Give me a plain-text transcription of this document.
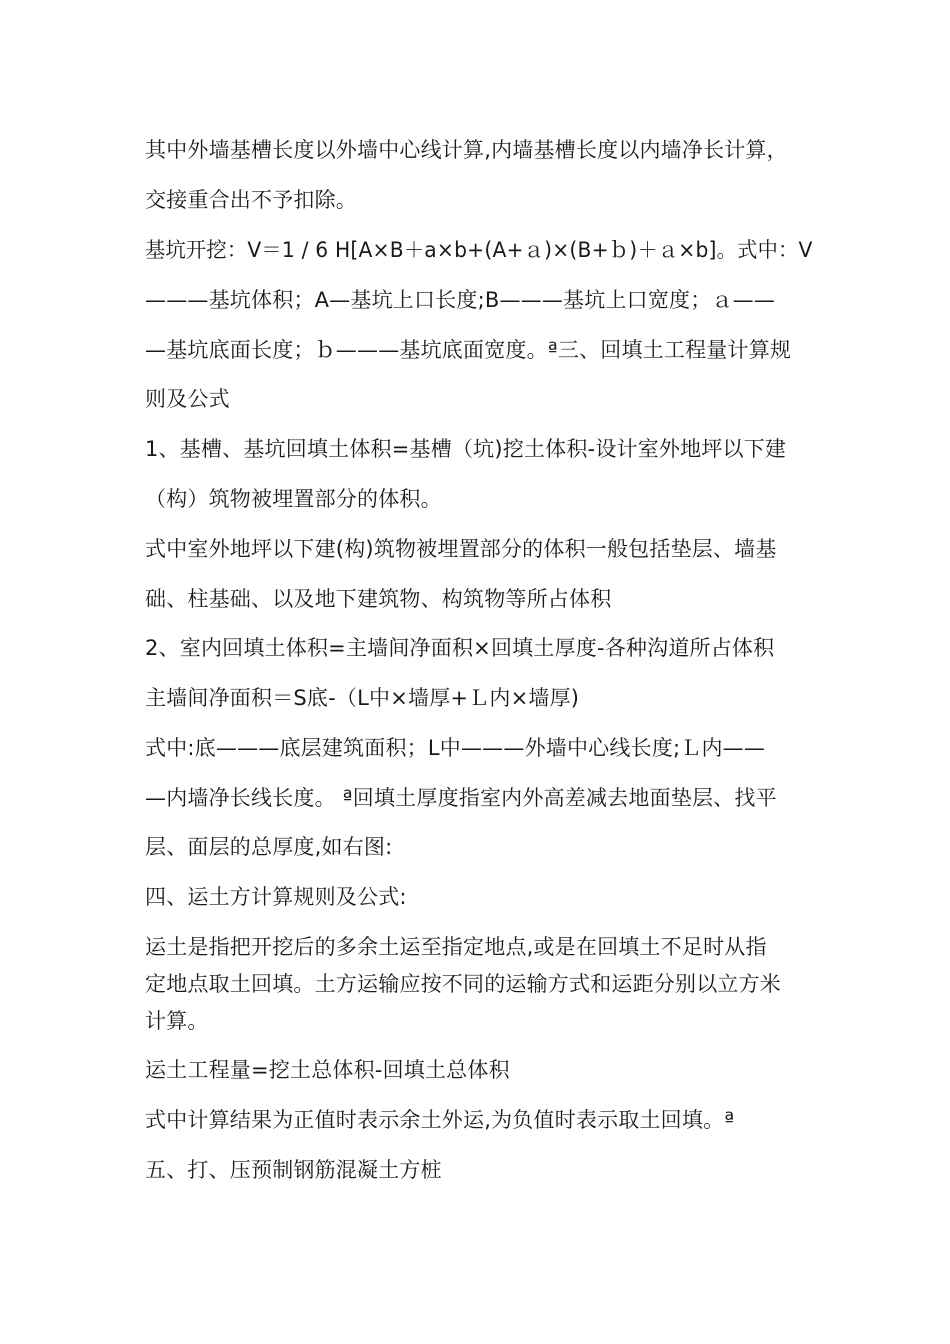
其中外墙基槽长度以外墙中心线计算,内墙基槽长度以内墙净长计算，
交接重合出不予扣除。
基坑开挖：V＝1 / 6 H[A×B＋a×b+(A+ａ)×(B+ｂ)＋ａ×b]。式中：V
———基坑体积；A—基坑上口长度;B———基坑上口宽度；ａ——
—基坑底面长度；ｂ———基坑底面宽度。ª三、回填土工程量计算规
则及公式
1、基槽、基坑回填土体积=基槽（坑)挖土体积-设计室外地坪以下建
（构）筑物被埋置部分的体积。
式中室外地坪以下建(构)筑物被埋置部分的体积一般包括垫层、墙基
础、柱基础、以及地下建筑物、构筑物等所占体积
2、室内回填土体积=主墙间净面积×回填土厚度-各种沟道所占体积
主墙间净面积＝S底-（L中×墙厚+Ｌ内×墙厚)
式中:底———底层建筑面积；L中———外墙中心线长度;Ｌ内——
—内墙净长线长度。 ª回填土厚度指室内外高差减去地面垫层、找平
层、面层的总厚度,如右图:
四、运土方计算规则及公式:
运土是指把开挖后的多余土运至指定地点,或是在回填土不足时从指
定地点取土回填。土方运输应按不同的运输方式和运距分别以立方米
计算。
运土工程量=挖土总体积-回填土总体积
式中计算结果为正值时表示余土外运,为负值时表示取土回填。ª
五、打、压预制钢筋混凝土方桩
